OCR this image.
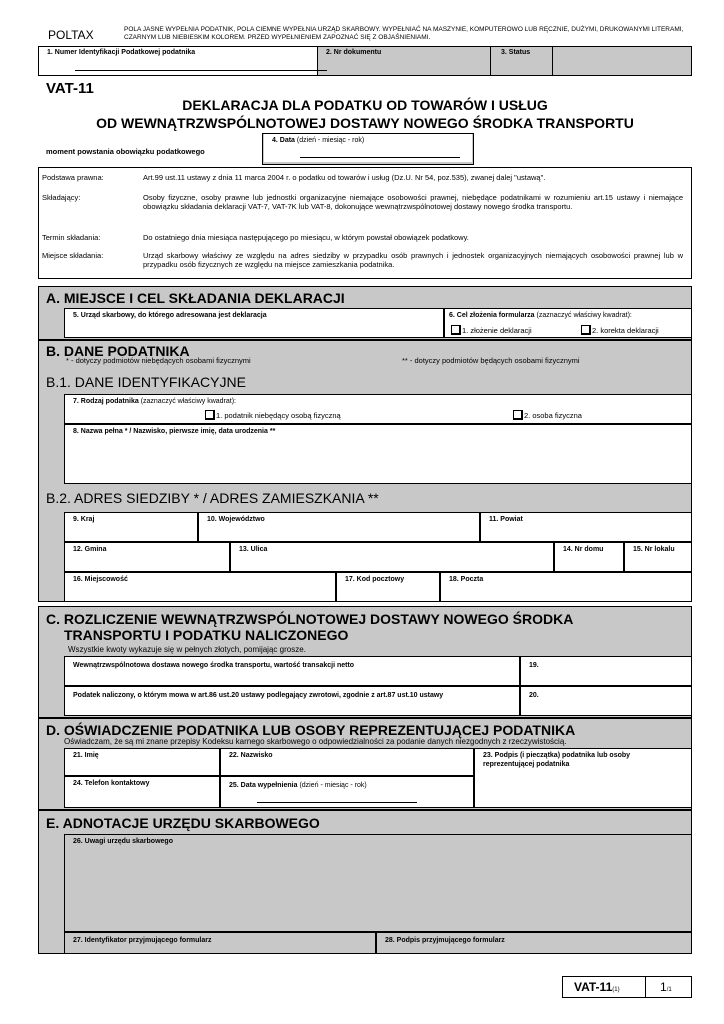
POLTAX	POLA JASNE WYPEŁNIA PODATNIK, POLA CIEMNE WYPEŁNIA URZĄD SKARBOWY. WYPEŁNIAĆ NA MASZYNIE, KOMPUTEROWO LUB RĘCZNIE, DUŻYMI, DRUKOWANYMI LITERAMI, CZARNYM LUB NIEBIESKIM KOLOREM. PRZED WYPEŁNIENIEM ZAPOZNAĆ SIĘ Z OBJAŚNIENIAMI.
1. Numer Identyfikacji Podatkowej podatnika	2. Nr dokumentu	3. Status
VAT-11
DEKLARACJA DLA PODATKU OD TOWARÓW I USŁUG
OD WEWNĄTRZWSPÓLNOTOWEJ DOSTAWY NOWEGO ŚRODKA TRANSPORTU
moment powstania obowiązku podatkowego
4. Data (dzień - miesiąc - rok)
Podstawa prawna:	Art.99 ust.11 ustawy z dnia 11 marca 2004 r. o podatku od towarów i usług (Dz.U. Nr 54, poz.535), zwanej dalej "ustawą".
Składający:	Osoby fizyczne, osoby prawne lub jednostki organizacyjne niemające osobowości prawnej, niebędące podatnikami w rozumieniu art.15 ustawy i niemające obowiązku składania deklaracji VAT-7, VAT-7K lub VAT-8, dokonujące wewnątrzwspólnotowej dostawy nowego środka transportu.
Termin składania:	Do ostatniego dnia miesiąca następującego po miesiącu, w którym powstał obowiązek podatkowy.
Miejsce składania:	Urząd skarbowy właściwy ze względu na adres siedziby w przypadku osób prawnych i jednostek organizacyjnych niemających osobowości prawnej lub w przypadku osób fizycznych ze względu na miejsce zamieszkania podatnika.
A. MIEJSCE I CEL SKŁADANIA DEKLARACJI
5. Urząd skarbowy, do którego adresowana jest deklaracja	6. Cel złożenia formularza (zaznaczyć właściwy kwadrat):
1. złożenie deklaracji	2. korekta deklaracji
B. DANE PODATNIKA
* - dotyczy podmiotów niebędących osobami fizycznymi	** - dotyczy podmiotów będących osobami fizycznymi
B.1. DANE IDENTYFIKACYJNE
7. Rodzaj podatnika (zaznaczyć właściwy kwadrat):
1. podatnik niebędący osobą fizyczną	2. osoba fizyczna
8. Nazwa pełna * / Nazwisko, pierwsze imię, data urodzenia **
B.2. ADRES SIEDZIBY * / ADRES ZAMIESZKANIA **
9. Kraj	10. Województwo	11. Powiat
12. Gmina	13. Ulica	14. Nr domu	15. Nr lokalu
16. Miejscowość	17. Kod pocztowy	18. Poczta
C. ROZLICZENIE WEWNĄTRZWSPÓLNOTOWEJ DOSTAWY NOWEGO ŚRODKA
TRANSPORTU I PODATKU NALICZONEGO
Wszystkie kwoty wykazuje się w pełnych złotych, pomijając grosze.
Wewnątrzwspólnotowa dostawa nowego środka transportu, wartość transakcji netto	19.
Podatek naliczony, o którym mowa w art.86 ust.20 ustawy podlegający zwrotowi, zgodnie z art.87 ust.10 ustawy	20.
D. OŚWIADCZENIE PODATNIKA LUB OSOBY REPREZENTUJĄCEJ PODATNIKA
Oświadczam, że są mi znane przepisy Kodeksu karnego skarbowego o odpowiedzialności za podanie danych niezgodnych z rzeczywistością.
21. Imię	22. Nazwisko	23. Podpis (i pieczątka) podatnika lub osoby reprezentującej podatnika
24. Telefon kontaktowy	25. Data wypełnienia (dzień - miesiąc - rok)
E. ADNOTACJE URZĘDU SKARBOWEGO
26. Uwagi urzędu skarbowego
27. Identyfikator przyjmującego formularz	28. Podpis przyjmującego formularz
VAT-11(1)	1/1
